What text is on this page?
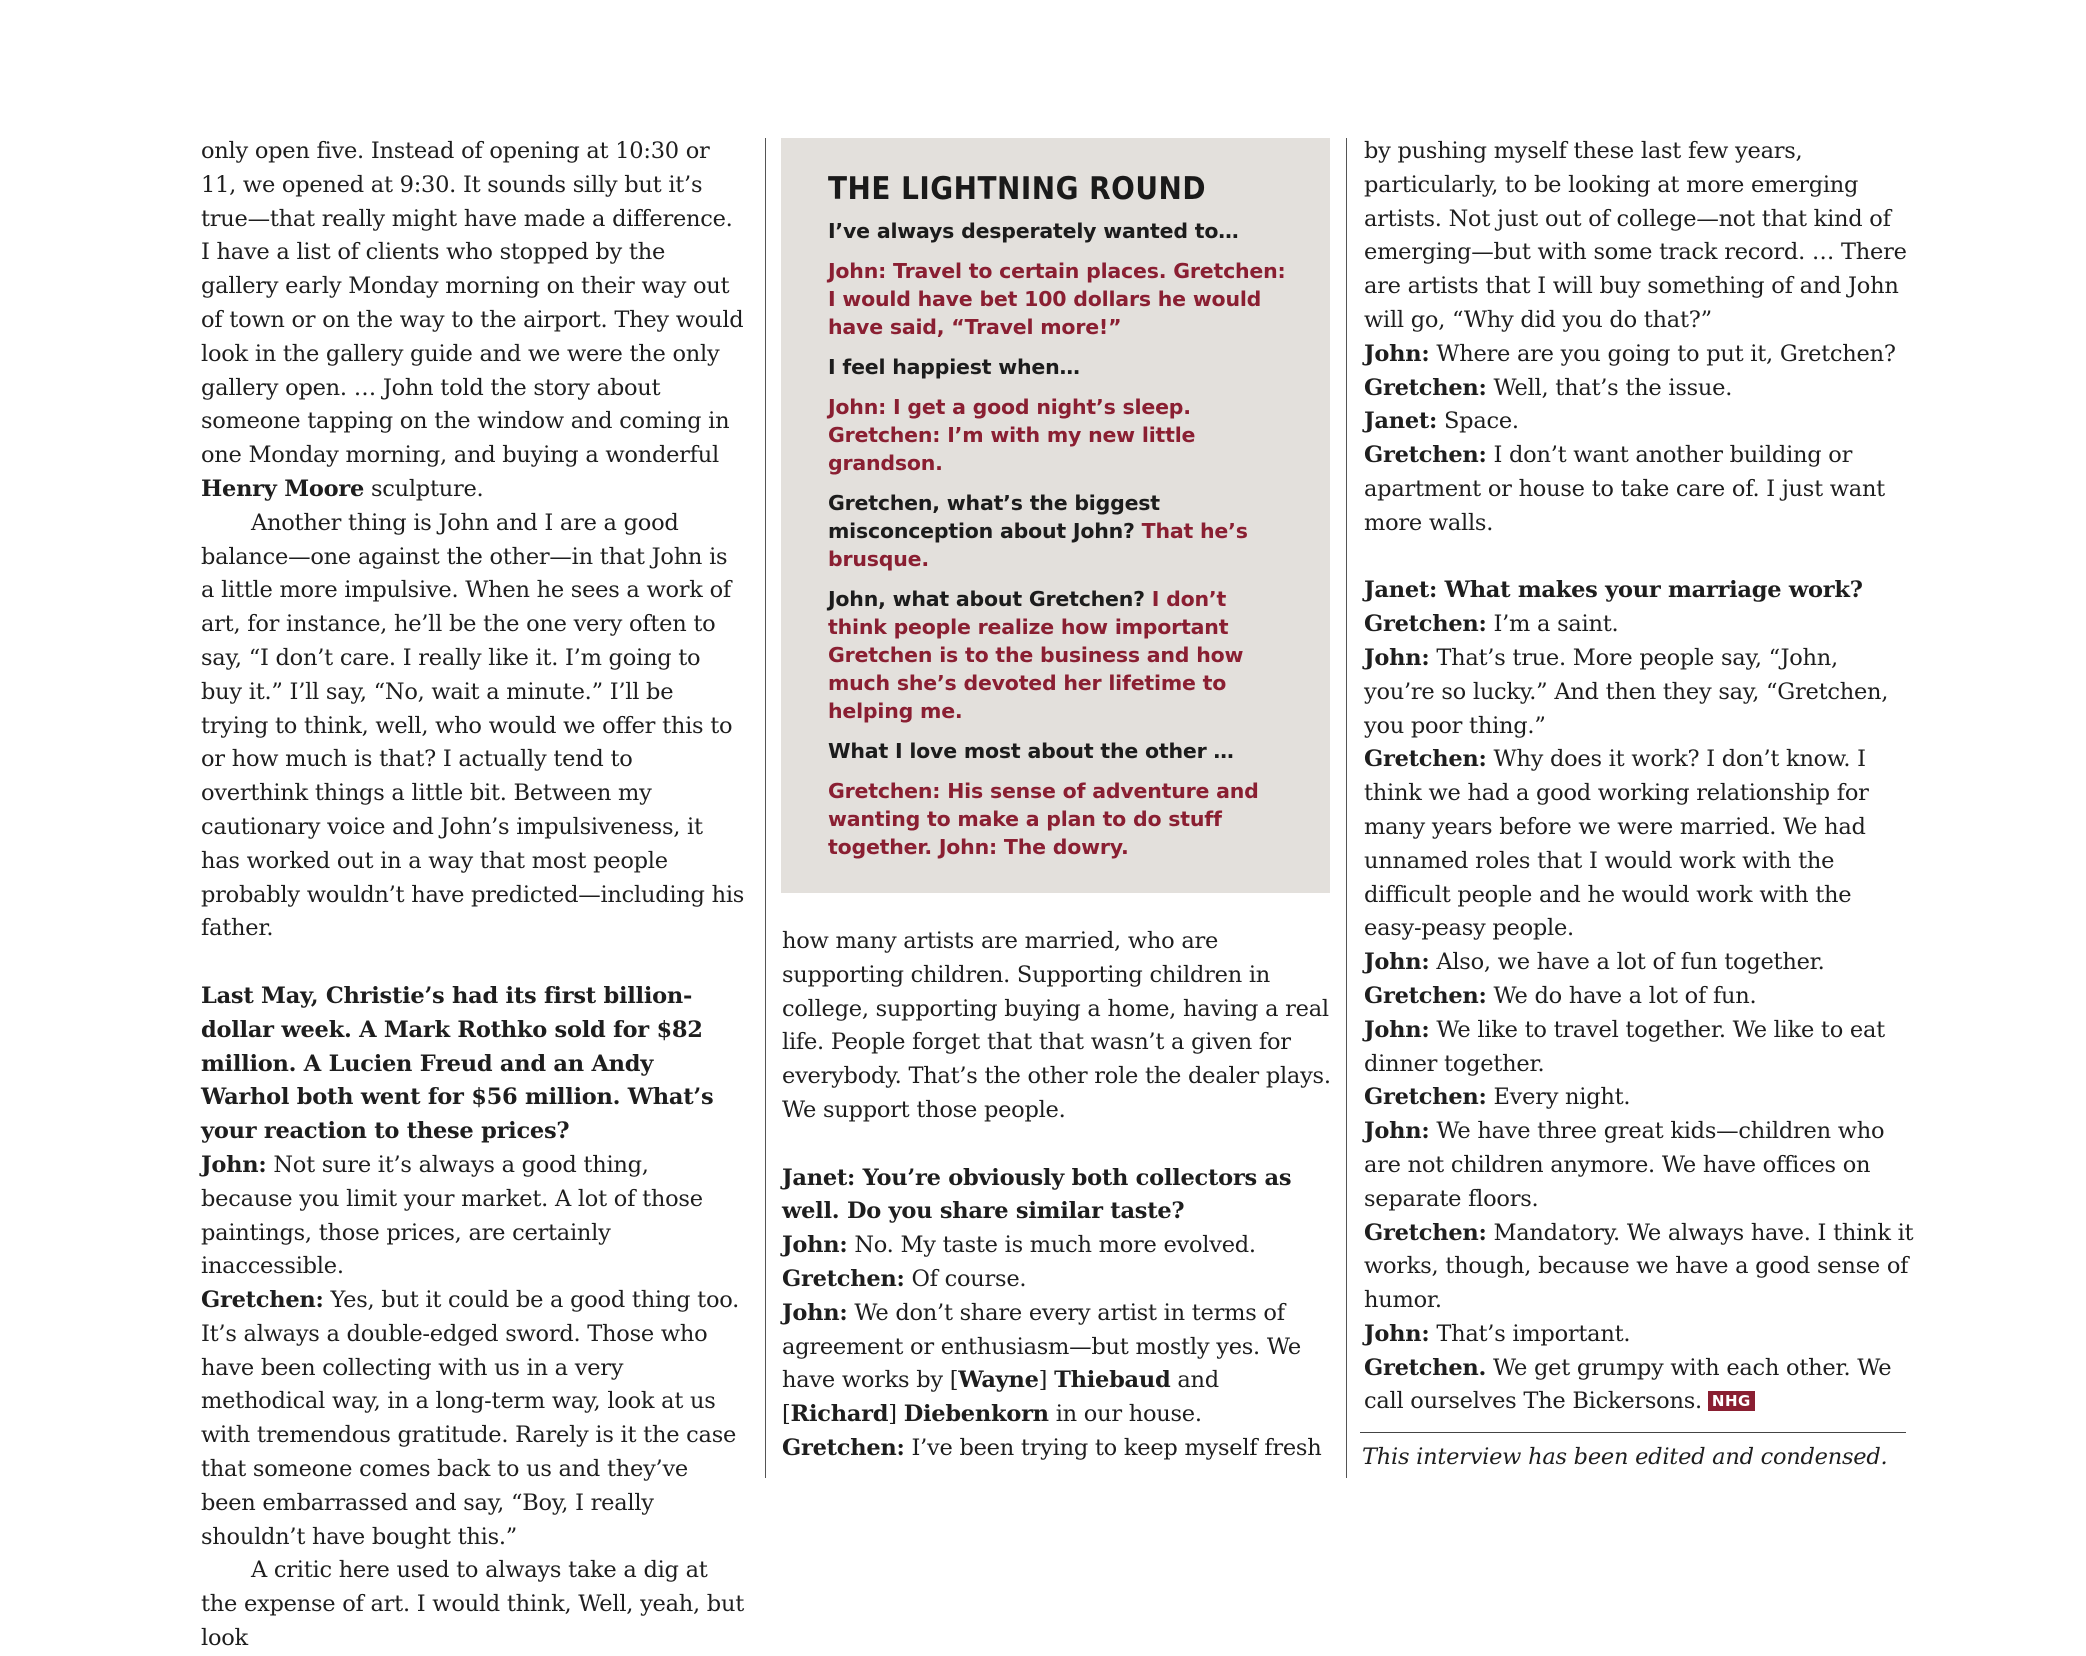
only open five. Instead of opening at 10:30 or 11, we opened at 9:30. It sounds silly but it’s true—that really might have made a difference. I have a list of clients who stopped by the gallery early Monday morning on their way out of town or on the way to the airport. They would look in the gallery guide and we were the only gallery open. … John told the story about someone tapping on the window and coming in one Monday morning, and buying a wonderful Henry Moore sculpture.

Another thing is John and I are a good balance—one against the other—in that John is a little more impulsive. When he sees a work of art, for instance, he’ll be the one very often to say, “I don’t care. I really like it. I’m going to buy it.” I’ll say, “No, wait a minute.” I’ll be trying to think, well, who would we offer this to or how much is that? I actually tend to overthink things a little bit. Between my cautionary voice and John’s impulsiveness, it has worked out in a way that most people probably wouldn’t have predicted—including his father.

Last May, Christie’s had its first billion-dollar week. A Mark Rothko sold for $82 million. A Lucien Freud and an Andy Warhol both went for $56 million. What’s your reaction to these prices?

John: Not sure it’s always a good thing, because you limit your market. A lot of those paintings, those prices, are certainly inaccessible.

Gretchen: Yes, but it could be a good thing too. It’s always a double-edged sword. Those who have been collecting with us in a very methodical way, in a long-term way, look at us with tremendous gratitude. Rarely is it the case that someone comes back to us and they’ve been embarrassed and say, “Boy, I really shouldn’t have bought this.”

A critic here used to always take a dig at the expense of art. I would think, Well, yeah, but look

THE LIGHTNING ROUND

I’ve always desperately wanted to…

John: Travel to certain places. Gretchen: I would have bet 100 dollars he would have said, “Travel more!”

I feel happiest when…

John: I get a good night’s sleep. Gretchen: I’m with my new little grandson.

Gretchen, what’s the biggest misconception about John? That he’s brusque.

John, what about Gretchen? I don’t think people realize how important Gretchen is to the business and how much she’s devoted her lifetime to helping me.

What I love most about the other …

Gretchen: His sense of adventure and wanting to make a plan to do stuff together. John: The dowry.

how many artists are married, who are supporting children. Supporting children in college, supporting buying a home, having a real life. People forget that that wasn’t a given for everybody. That’s the other role the dealer plays. We support those people.

Janet: You’re obviously both collectors as well. Do you share similar taste?

John: No. My taste is much more evolved.

Gretchen: Of course.

John: We don’t share every artist in terms of agreement or enthusiasm—but mostly yes. We have works by [Wayne] Thiebaud and [Richard] Diebenkorn in our house.

Gretchen: I’ve been trying to keep myself fresh

by pushing myself these last few years, particularly, to be looking at more emerging artists. Not just out of college—not that kind of emerging—but with some track record. … There are artists that I will buy something of and John will go, “Why did you do that?”

John: Where are you going to put it, Gretchen?

Gretchen: Well, that’s the issue.

Janet: Space.

Gretchen: I don’t want another building or apartment or house to take care of. I just want more walls.

Janet: What makes your marriage work?

Gretchen: I’m a saint.

John: That’s true. More people say, “John, you’re so lucky.” And then they say, “Gretchen, you poor thing.”

Gretchen: Why does it work? I don’t know. I think we had a good working relationship for many years before we were married. We had unnamed roles that I would work with the difficult people and he would work with the easy-peasy people.

John: Also, we have a lot of fun together.

Gretchen: We do have a lot of fun.

John: We like to travel together. We like to eat dinner together.

Gretchen: Every night.

John: We have three great kids—children who are not children anymore. We have offices on separate floors.

Gretchen: Mandatory. We always have. I think it works, though, because we have a good sense of humor.

John: That’s important.

Gretchen. We get grumpy with each other. We call ourselves The Bickersons. NHG

This interview has been edited and condensed.
